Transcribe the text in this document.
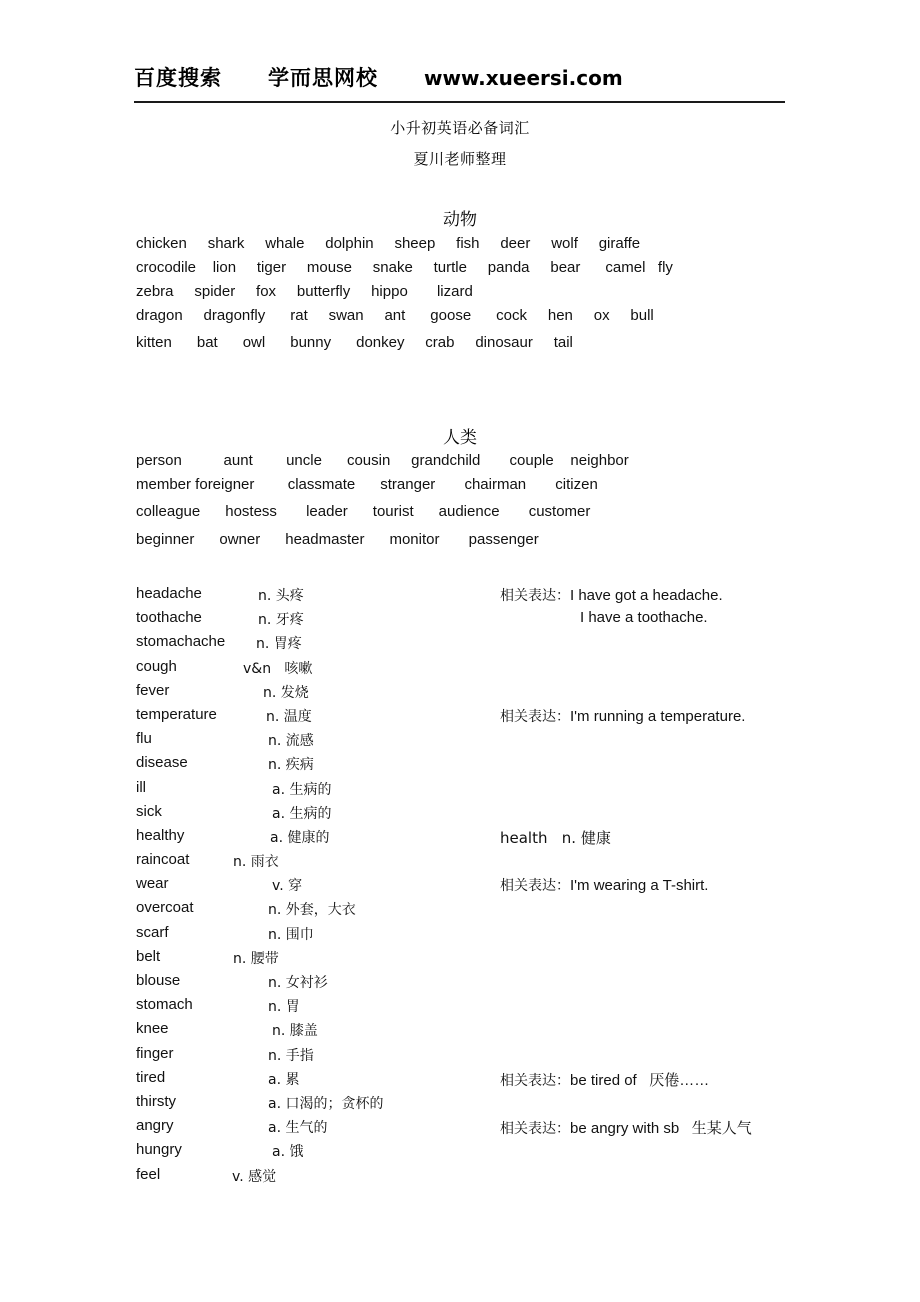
百度搜索 学而思网校 www.xueersi.com
小升初英语必备词汇
夏川老师整理
动物
chicken     shark     whale     dolphin     sheep     fish     deer     wolf     giraffe
crocodile    lion     tiger     mouse     snake     turtle     panda     bear      camel   fly
zebra     spider     fox     butterfly     hippo       lizard
dragon     dragonfly      rat     swan     ant      goose      cock     hen     ox     bull
kitten      bat      owl      bunny      donkey     crab     dinosaur     tail
人类
person          aunt        uncle      cousin     grandchild       couple    neighbor
member foreigner        classmate      stranger       chairman       citizen
colleague      hostess       leader      tourist      audience       customer
beginner      owner      headmaster      monitor       passenger
headache	n. 头疼	相关表达：I have got a headache.
toothache	n. 牙疼	I have a toothache.
stomachache n. 胃疼
cough	v&n   咳嗽
fever	n. 发烧
temperature	n. 温度	相关表达：I'm running a temperature.
flu	n. 流感
disease	n. 疾病
ill	a. 生病的
sick	a. 生病的
healthy	a. 健康的	health   n. 健康
raincoat	n. 雨衣
wear	v. 穿	相关表达：I'm wearing a T-shirt.
overcoat	n. 外套，大衣
scarf	n. 围巾
belt	n. 腰带
blouse	n. 女衬衫
stomach	n. 胃
knee	n. 膝盖
finger	n. 手指
tired	a. 累	相关表达：be tired of   厌倦……
thirsty	a. 口渴的；贪杯的
angry	a. 生气的	相关表达：be angry with sb   生某人气
hungry	a. 饿
feel	v. 感觉
